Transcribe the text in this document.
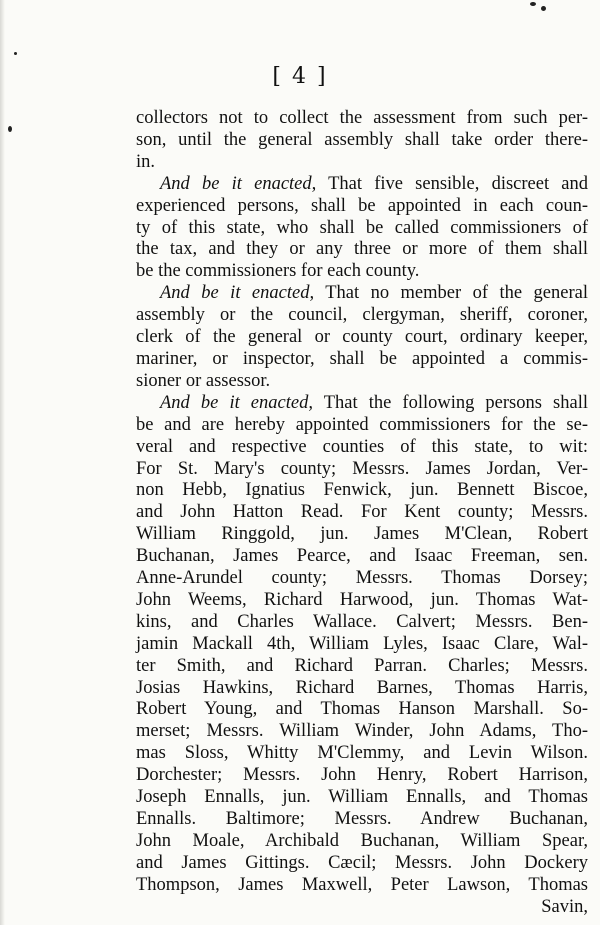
[ 4 ]
collectors not to collect the assessment from such per-
son, until the general assembly shall take order there-
in.
And be it enacted, That five sensible, discreet and
experienced persons, shall be appointed in each coun-
ty of this state, who shall be called commissioners of
the tax, and they or any three or more of them shall
be the commissioners for each county.
And be it enacted, That no member of the general
assembly or the council, clergyman, sheriff, coroner,
clerk of the general or county court, ordinary keeper,
mariner, or inspector, shall be appointed a commis-
sioner or assessor.
And be it enacted, That the following persons shall
be and are hereby appointed commissioners for the se-
veral and respective counties of this state, to wit:
For St. Mary's county; Messrs. James Jordan, Ver-
non Hebb, Ignatius Fenwick, jun. Bennett Biscoe,
and John Hatton Read. For Kent county; Messrs.
William Ringgold, jun. James M'Clean, Robert
Buchanan, James Pearce, and Isaac Freeman, sen.
Anne-Arundel county; Messrs. Thomas Dorsey;
John Weems, Richard Harwood, jun. Thomas Wat-
kins, and Charles Wallace. Calvert; Messrs. Ben-
jamin Mackall 4th, William Lyles, Isaac Clare, Wal-
ter Smith, and Richard Parran. Charles; Messrs.
Josias Hawkins, Richard Barnes, Thomas Harris,
Robert Young, and Thomas Hanson Marshall. So-
merset; Messrs. William Winder, John Adams, Tho-
mas Sloss, Whitty M'Clemmy, and Levin Wilson.
Dorchester; Messrs. John Henry, Robert Harrison,
Joseph Ennalls, jun. William Ennalls, and Thomas
Ennalls. Baltimore; Messrs. Andrew Buchanan,
John Moale, Archibald Buchanan, William Spear,
and James Gittings. Cæcil; Messrs. John Dockery
Thompson, James Maxwell, Peter Lawson, Thomas
Savin,
